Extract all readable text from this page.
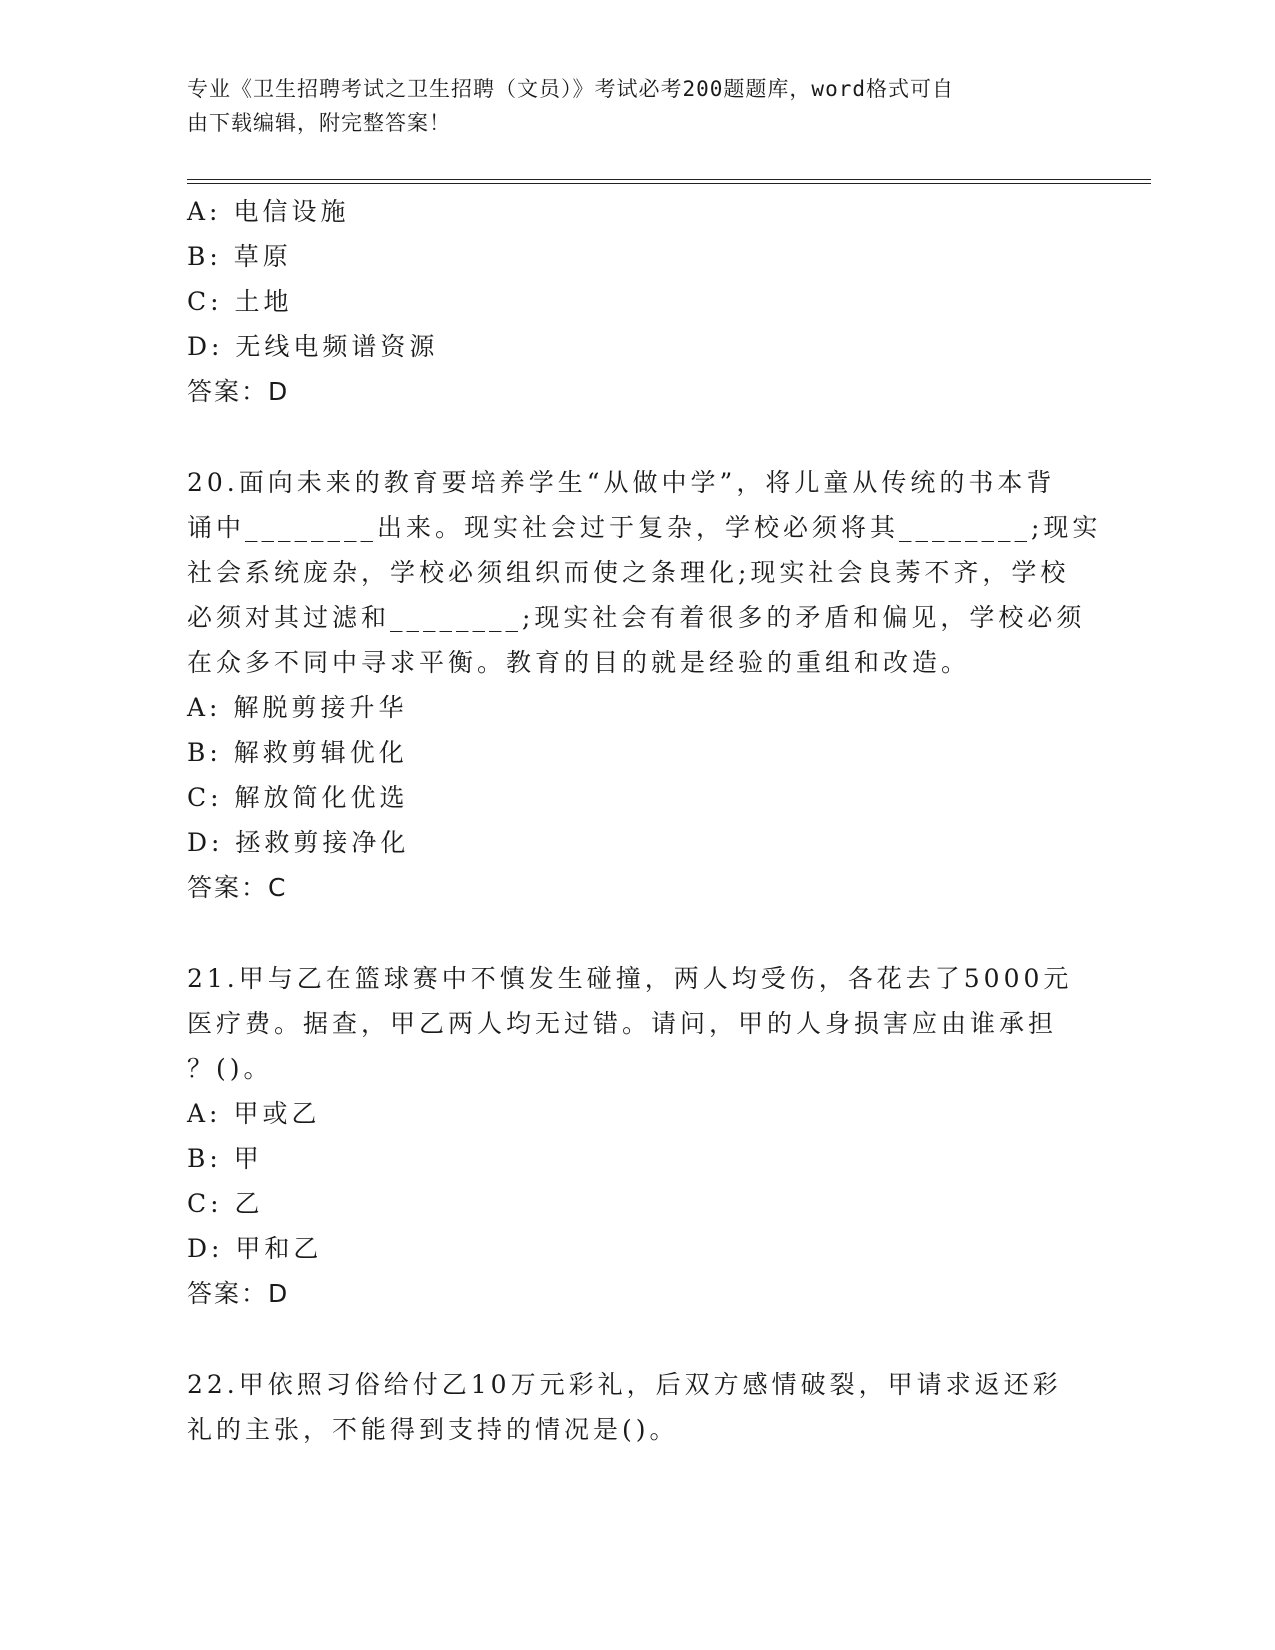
专业《卫生招聘考试之卫生招聘（文员）》考试必考200题题库，word格式可自
由下载编辑，附完整答案！
A: 电信设施
B: 草原
C: 土地
D: 无线电频谱资源
答案：D
20.面向未来的教育要培养学生“从做中学”，将儿童从传统的书本背
诵中________出来。现实社会过于复杂，学校必须将其________;现实
社会系统庞杂，学校必须组织而使之条理化;现实社会良莠不齐，学校
必须对其过滤和________;现实社会有着很多的矛盾和偏见，学校必须
在众多不同中寻求平衡。教育的目的就是经验的重组和改造。
A: 解脱剪接升华
B: 解救剪辑优化
C: 解放简化优选
D: 拯救剪接净化
答案：C
21.甲与乙在篮球赛中不慎发生碰撞，两人均受伤，各花去了5000元
医疗费。据查，甲乙两人均无过错。请问，甲的人身损害应由谁承担
？()。
A: 甲或乙
B: 甲
C: 乙
D: 甲和乙
答案：D
22.甲依照习俗给付乙10万元彩礼，后双方感情破裂，甲请求返还彩
礼的主张，不能得到支持的情况是()。
